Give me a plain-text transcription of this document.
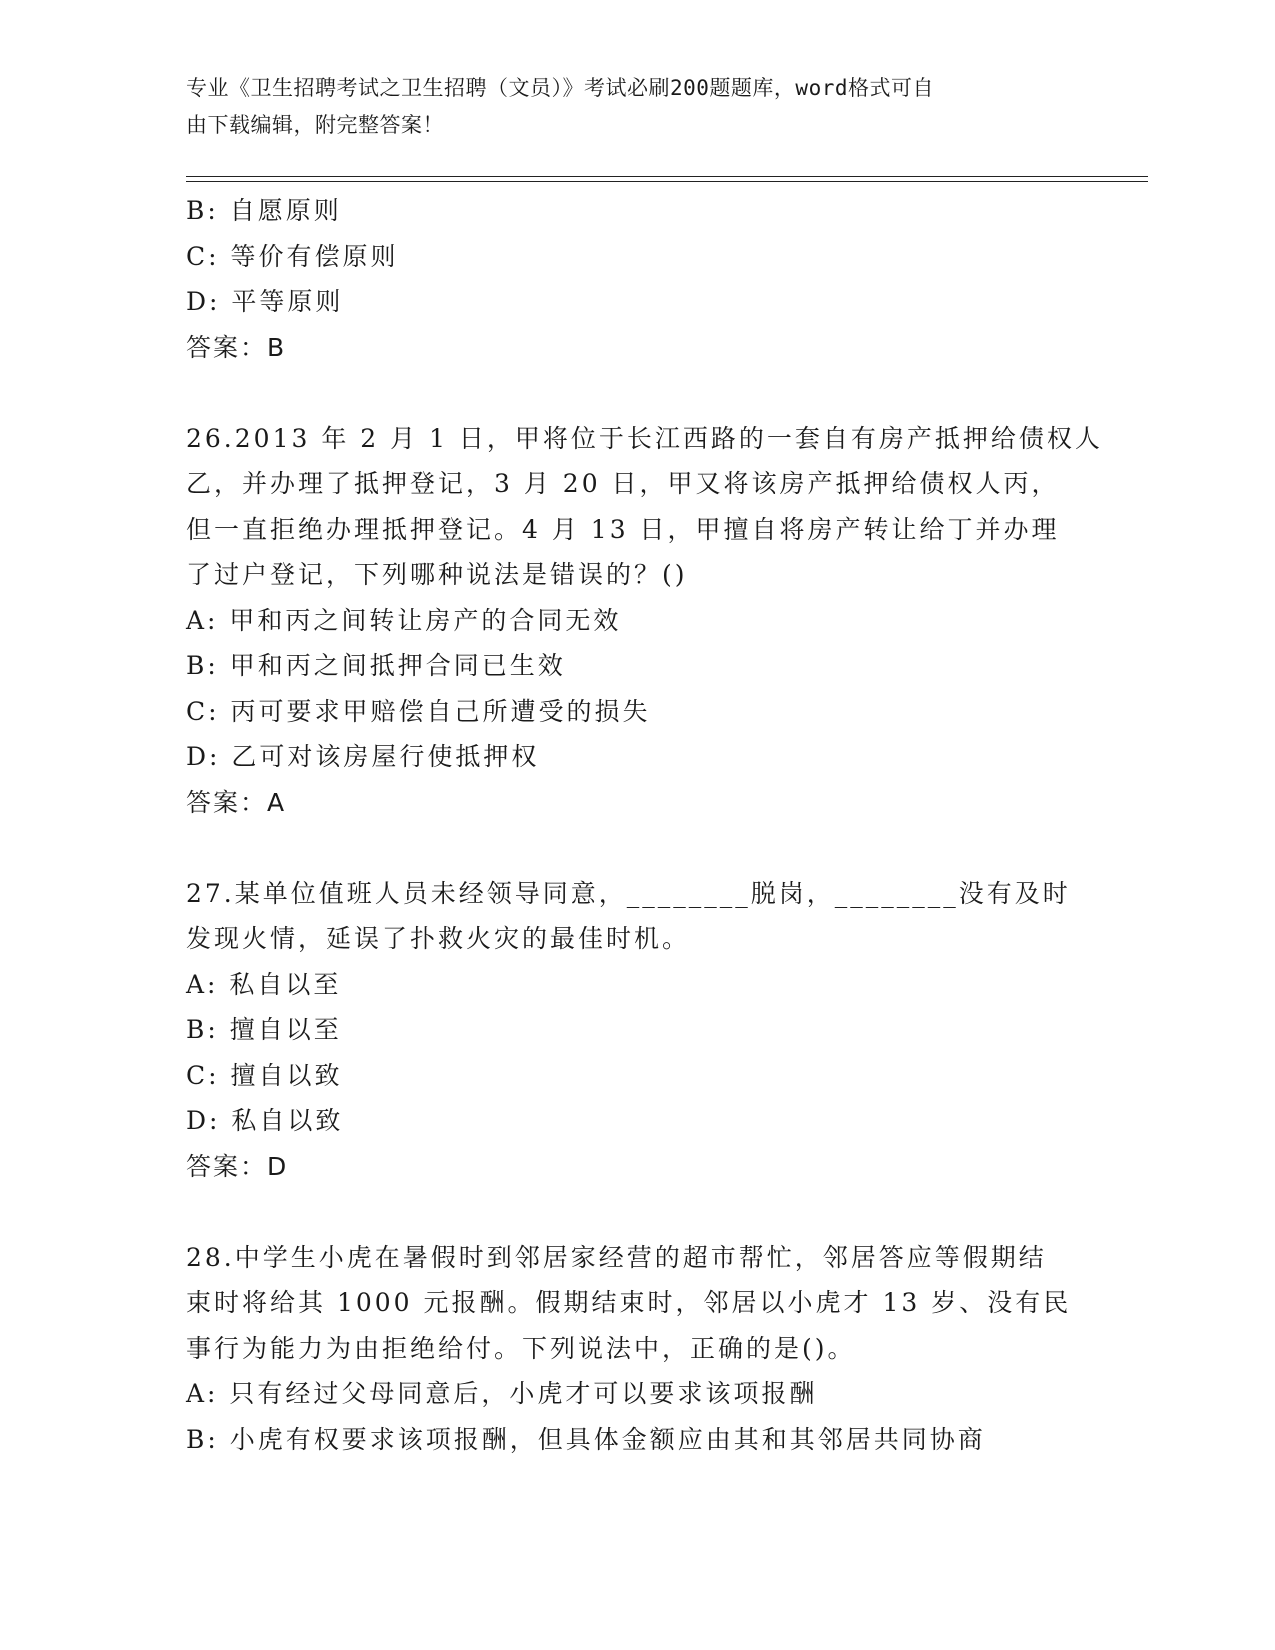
专业《卫生招聘考试之卫生招聘（文员）》考试必刷200题题库，word格式可自
由下载编辑，附完整答案！
B: 自愿原则
C: 等价有偿原则
D: 平等原则
答案：B
26.2013 年 2 月 1 日，甲将位于长江西路的一套自有房产抵押给债权人
乙，并办理了抵押登记，3 月 20 日，甲又将该房产抵押给债权人丙，
但一直拒绝办理抵押登记。4 月 13 日，甲擅自将房产转让给丁并办理
了过户登记，下列哪种说法是错误的？()
A: 甲和丙之间转让房产的合同无效
B: 甲和丙之间抵押合同已生效
C: 丙可要求甲赔偿自己所遭受的损失
D: 乙可对该房屋行使抵押权
答案：A
27.某单位值班人员未经领导同意，________脱岗，________没有及时
发现火情，延误了扑救火灾的最佳时机。
A: 私自以至
B: 擅自以至
C: 擅自以致
D: 私自以致
答案：D
28.中学生小虎在暑假时到邻居家经营的超市帮忙，邻居答应等假期结
束时将给其 1000 元报酬。假期结束时，邻居以小虎才 13 岁、没有民
事行为能力为由拒绝给付。下列说法中，正确的是()。
A: 只有经过父母同意后，小虎才可以要求该项报酬
B: 小虎有权要求该项报酬，但具体金额应由其和其邻居共同协商
